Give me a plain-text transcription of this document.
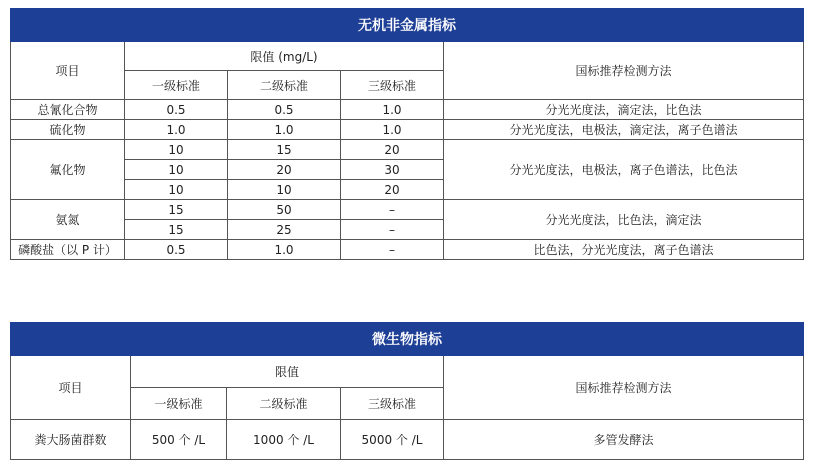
无机非金属指标				
项目	限值 (mg/L)			国标推荐检测方法
	一级标准	二级标准	三级标准	
总氰化合物	0.5	0.5	1.0	分光光度法，滴定法，比色法
硫化物	1.0	1.0	1.0	分光光度法，电极法，滴定法，离子色谱法
氟化物	10	15	20	分光光度法，电极法，离子色谱法，比色法
	10	20	30	
	10	10	20	
氨氮	15	50	–	分光光度法，比色法，滴定法
	15	25	–	
磷酸盐（以 P 计）	0.5	1.0	–	比色法，分光光度法，离子色谱法
微生物指标				
项目	限值			国标推荐检测方法
	一级标准	二级标准	三级标准	
粪大肠菌群数	500 个 /L	1000 个 /L	5000 个 /L	多管发酵法
